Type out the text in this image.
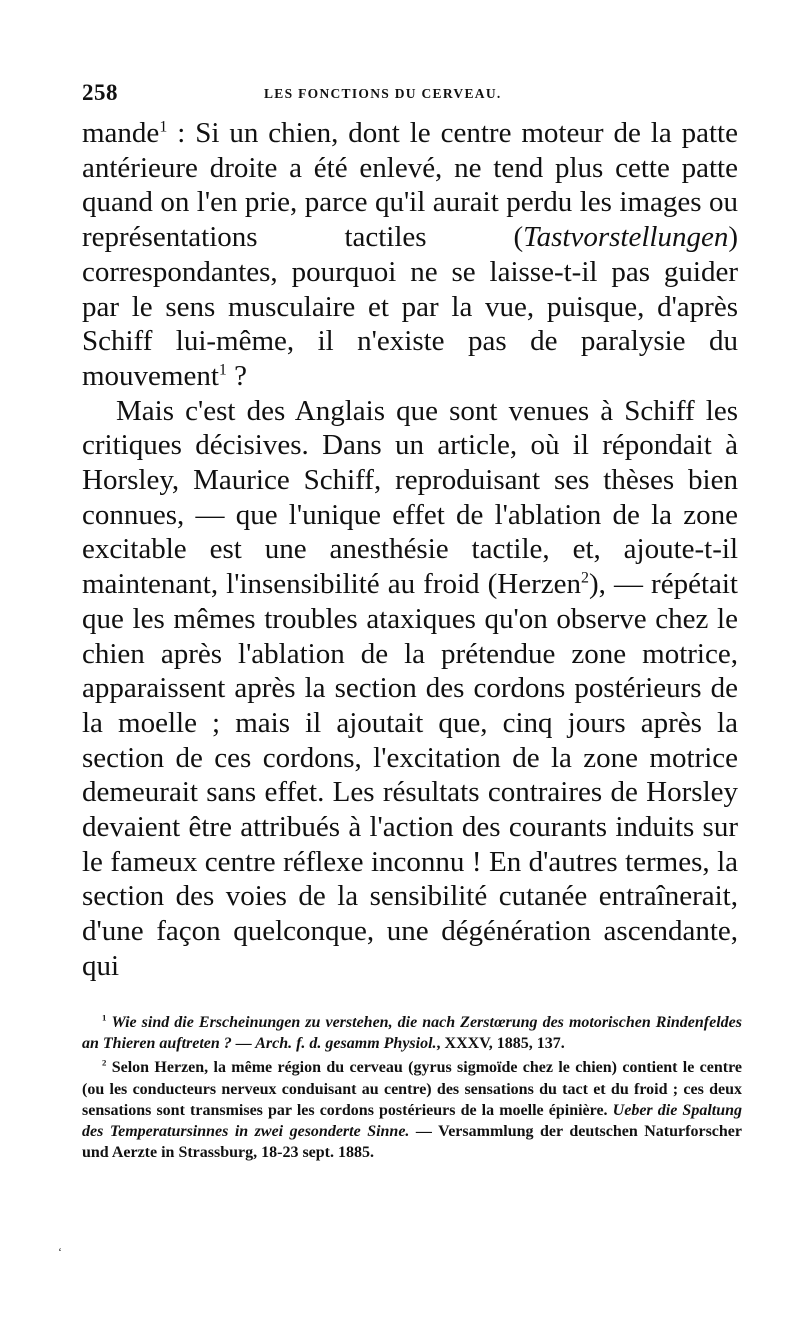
258	LES FONCTIONS DU CERVEAU.

mande$^1$ : Si un chien, dont le centre moteur de la patte antérieure droite a été enlevé, ne tend plus cette patte quand on l'en prie, parce qu'il aurait perdu les images ou représentations tactiles (Tastvorstellungen) correspondantes, pourquoi ne se laisse-t-il pas guider par le sens musculaire et par la vue, puisque, d'après Schiff lui-même, il n'existe pas de paralysie du mouvement$^1$ ?

Mais c'est des Anglais que sont venues à Schiff les critiques décisives. Dans un article, où il répondait à Horsley, Maurice Schiff, reproduisant ses thèses bien connues, — que l'unique effet de l'ablation de la zone excitable est une anesthésie tactile, et, ajoute-t-il maintenant, l'insensibilité au froid (Herzen$^2$), — répétait que les mêmes troubles ataxiques qu'on observe chez le chien après l'ablation de la prétendue zone motrice, apparaissent après la section des cordons postérieurs de la moelle ; mais il ajoutait que, cinq jours après la section de ces cordons, l'excitation de la zone motrice demeurait sans effet. Les résultats contraires de Horsley devaient être attribués à l'action des courants induits sur le fameux centre réflexe inconnu ! En d'autres termes, la section des voies de la sensibilité cutanée entraînerait, d'une façon quelconque, une dégénération ascendante, qui

$^1$ Wie sind die Erscheinungen zu verstehen, die nach Zerstœrung des motorischen Rindenfeldes an Thieren auftreten ? — Arch. f. d. gesamm Physiol., XXXV, 1885, 137.

$^2$ Selon Herzen, la même région du cerveau (gyrus sigmoïde chez le chien) contient le centre (ou les conducteurs nerveux conduisant au centre) des sensations du tact et du froid ; ces deux sensations sont transmises par les cordons postérieurs de la moelle épinière. Ueber die Spaltung des Temperatursinnes in zwei gesonderte Sinne. — Versammlung der deutschen Naturforscher und Aerzte in Strassburg, 18-23 sept. 1885.

ʻ
